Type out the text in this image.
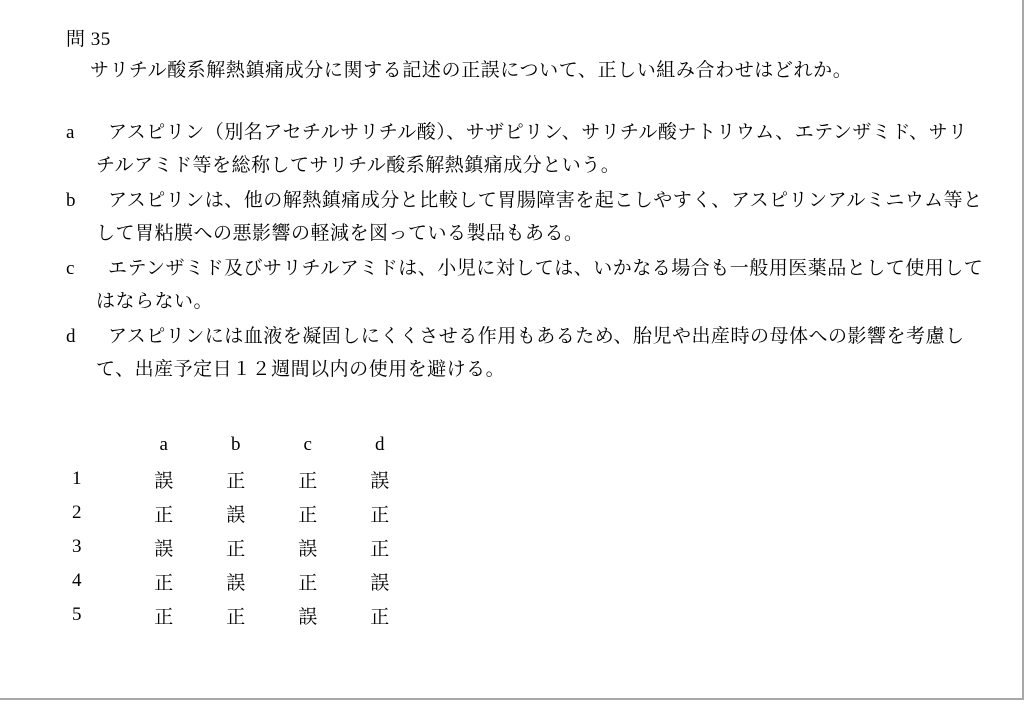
問 35
サリチル酸系解熱鎮痛成分に関する記述の正誤について、正しい組み合わせはどれか。
a	アスピリン（別名アセチルサリチル酸）、サザピリン、サリチル酸ナトリウム、エテンザミド、サリチルアミド等を総称してサリチル酸系解熱鎮痛成分という。
b	アスピリンは、他の解熱鎮痛成分と比較して胃腸障害を起こしやすく、アスピリンアルミニウム等として胃粘膜への悪影響の軽減を図っている製品もある。
c	エテンザミド及びサリチルアミドは、小児に対しては、いかなる場合も一般用医薬品として使用してはならない。
d	アスピリンには血液を凝固しにくくさせる作用もあるため、胎児や出産時の母体への影響を考慮して、出産予定日１２週間以内の使用を避ける。
	a	b	c	d
1	誤	正	正	誤
2	正	誤	正	正
3	誤	正	誤	正
4	正	誤	正	誤
5	正	正	誤	正
